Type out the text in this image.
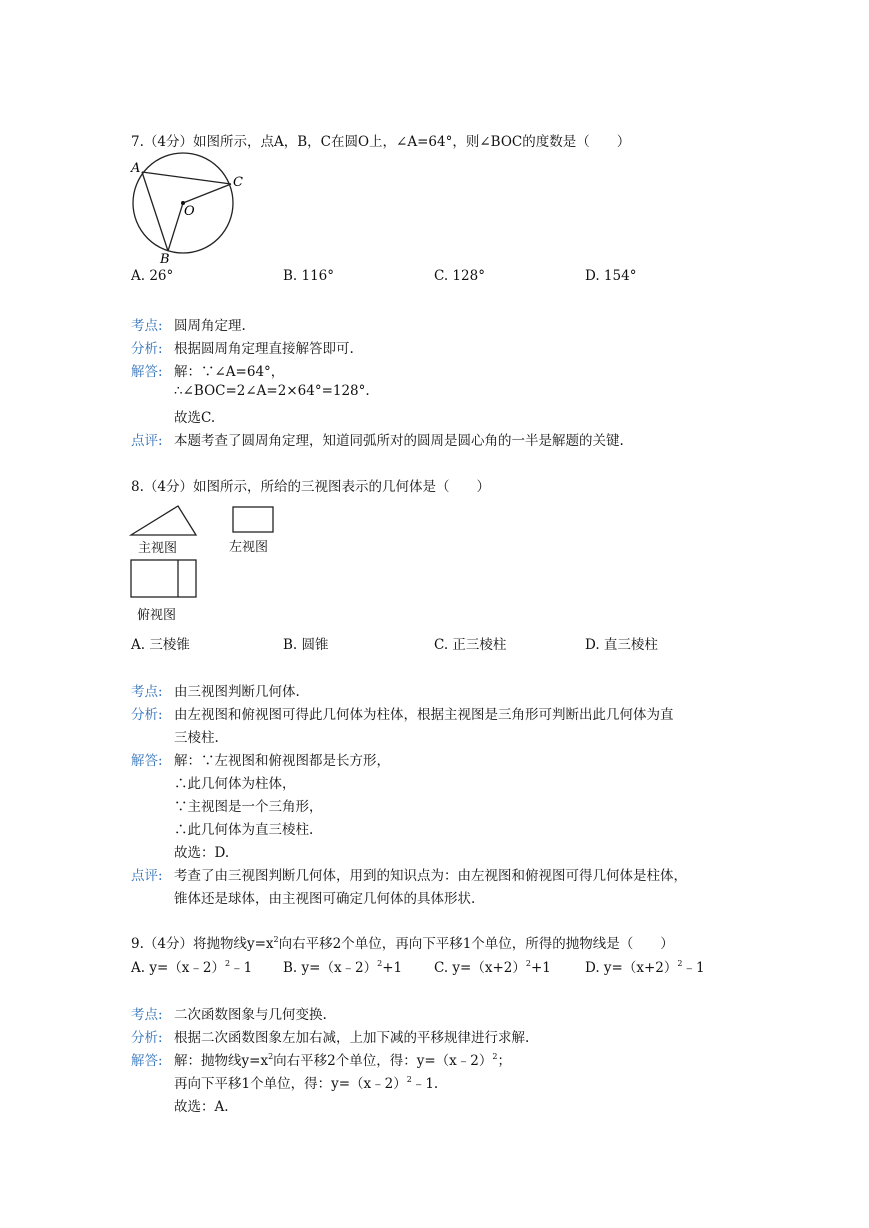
7.（4分）如图所示，点A，B，C在圆O上，∠A=64°，则∠BOC的度数是（　　）
A
C
O
B
A. 26°	B. 116°	C. 128°	D. 154°
考点: 圆周角定理.
分析: 根据圆周角定理直接解答即可.
解答: 解：∵∠A=64°，
∴∠BOC=2∠A=2×64°=128°.
故选C.
点评: 本题考查了圆周角定理，知道同弧所对的圆周是圆心角的一半是解题的关键.
8.（4分）如图所示，所给的三视图表示的几何体是（　　）
主视图	左视图
俯视图
A. 三棱锥	B. 圆锥	C. 正三棱柱	D. 直三棱柱
考点: 由三视图判断几何体.
分析: 由左视图和俯视图可得此几何体为柱体，根据主视图是三角形可判断出此几何体为直
三棱柱.
解答: 解：∵左视图和俯视图都是长方形，
∴此几何体为柱体，
∵主视图是一个三角形，
∴此几何体为直三棱柱.
故选：D.
点评: 考查了由三视图判断几何体，用到的知识点为：由左视图和俯视图可得几何体是柱体，
锥体还是球体，由主视图可确定几何体的具体形状.
9.（4分）将抛物线$y=x^2$向右平移2个单位，再向下平移1个单位，所得的抛物线是（　　）
A. y=（x﹣2）$^2$﹣1 B. y=（x﹣2）$^2$+1 C. $y=(x+2)^2+1$	D. $y=(x+2)^2﹣1$
考点: 二次函数图象与几何变换.
分析: 根据二次函数图象左加右减，上加下减的平移规律进行求解.
解答: 解：抛物线$y=x^2$向右平移2个单位，得：y=（x﹣2）$^2$；
再向下平移1个单位，得：y=（x﹣2）$^2$﹣1.
故选：A.
